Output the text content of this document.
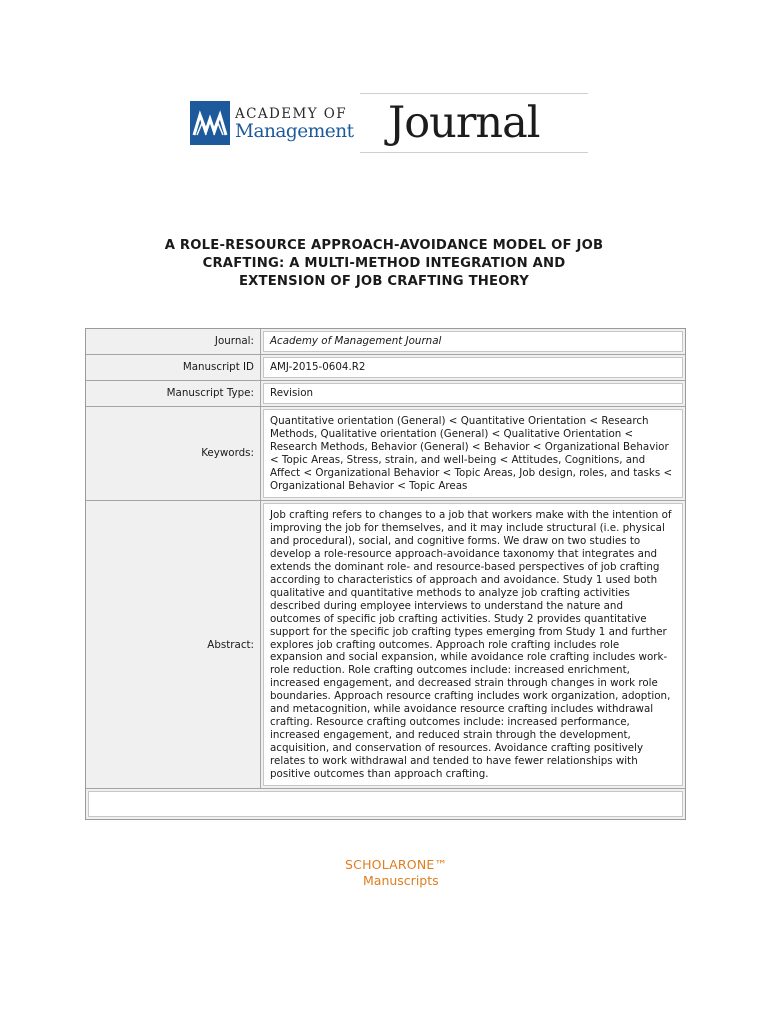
ACADEMY OF
Management Journal
A ROLE-RESOURCE APPROACH-AVOIDANCE MODEL OF JOB
CRAFTING: A MULTI-METHOD INTEGRATION AND
EXTENSION OF JOB CRAFTING THEORY
Journal:	Academy of Management Journal
Manuscript ID	AMJ-2015-0604.R2
Manuscript Type:	Revision
Keywords:
Quantitative orientation (General) < Quantitative Orientation < Research Methods, Qualitative orientation (General) < Qualitative Orientation < Research Methods, Behavior (General) < Behavior < Organizational Behavior < Topic Areas, Stress, strain, and well-being < Attitudes, Cognitions, and Affect < Organizational Behavior < Topic Areas, Job design, roles, and tasks < Organizational Behavior < Topic Areas
Abstract:
Job crafting refers to changes to a job that workers make with the intention of improving the job for themselves, and it may include structural (i.e. physical and procedural), social, and cognitive forms. We draw on two studies to develop a role-resource approach-avoidance taxonomy that integrates and extends the dominant role- and resource-based perspectives of job crafting according to characteristics of approach and avoidance. Study 1 used both qualitative and quantitative methods to analyze job crafting activities described during employee interviews to understand the nature and outcomes of specific job crafting activities. Study 2 provides quantitative support for the specific job crafting types emerging from Study 1 and further explores job crafting outcomes. Approach role crafting includes role expansion and social expansion, while avoidance role crafting includes work-role reduction. Role crafting outcomes include: increased enrichment, increased engagement, and decreased strain through changes in work role boundaries. Approach resource crafting includes work organization, adoption, and metacognition, while avoidance resource crafting includes withdrawal crafting. Resource crafting outcomes include: increased performance, increased engagement, and reduced strain through the development, acquisition, and conservation of resources. Avoidance crafting positively relates to work withdrawal and tended to have fewer relationships with positive outcomes than approach crafting.
SCHOLARONE™
Manuscripts
